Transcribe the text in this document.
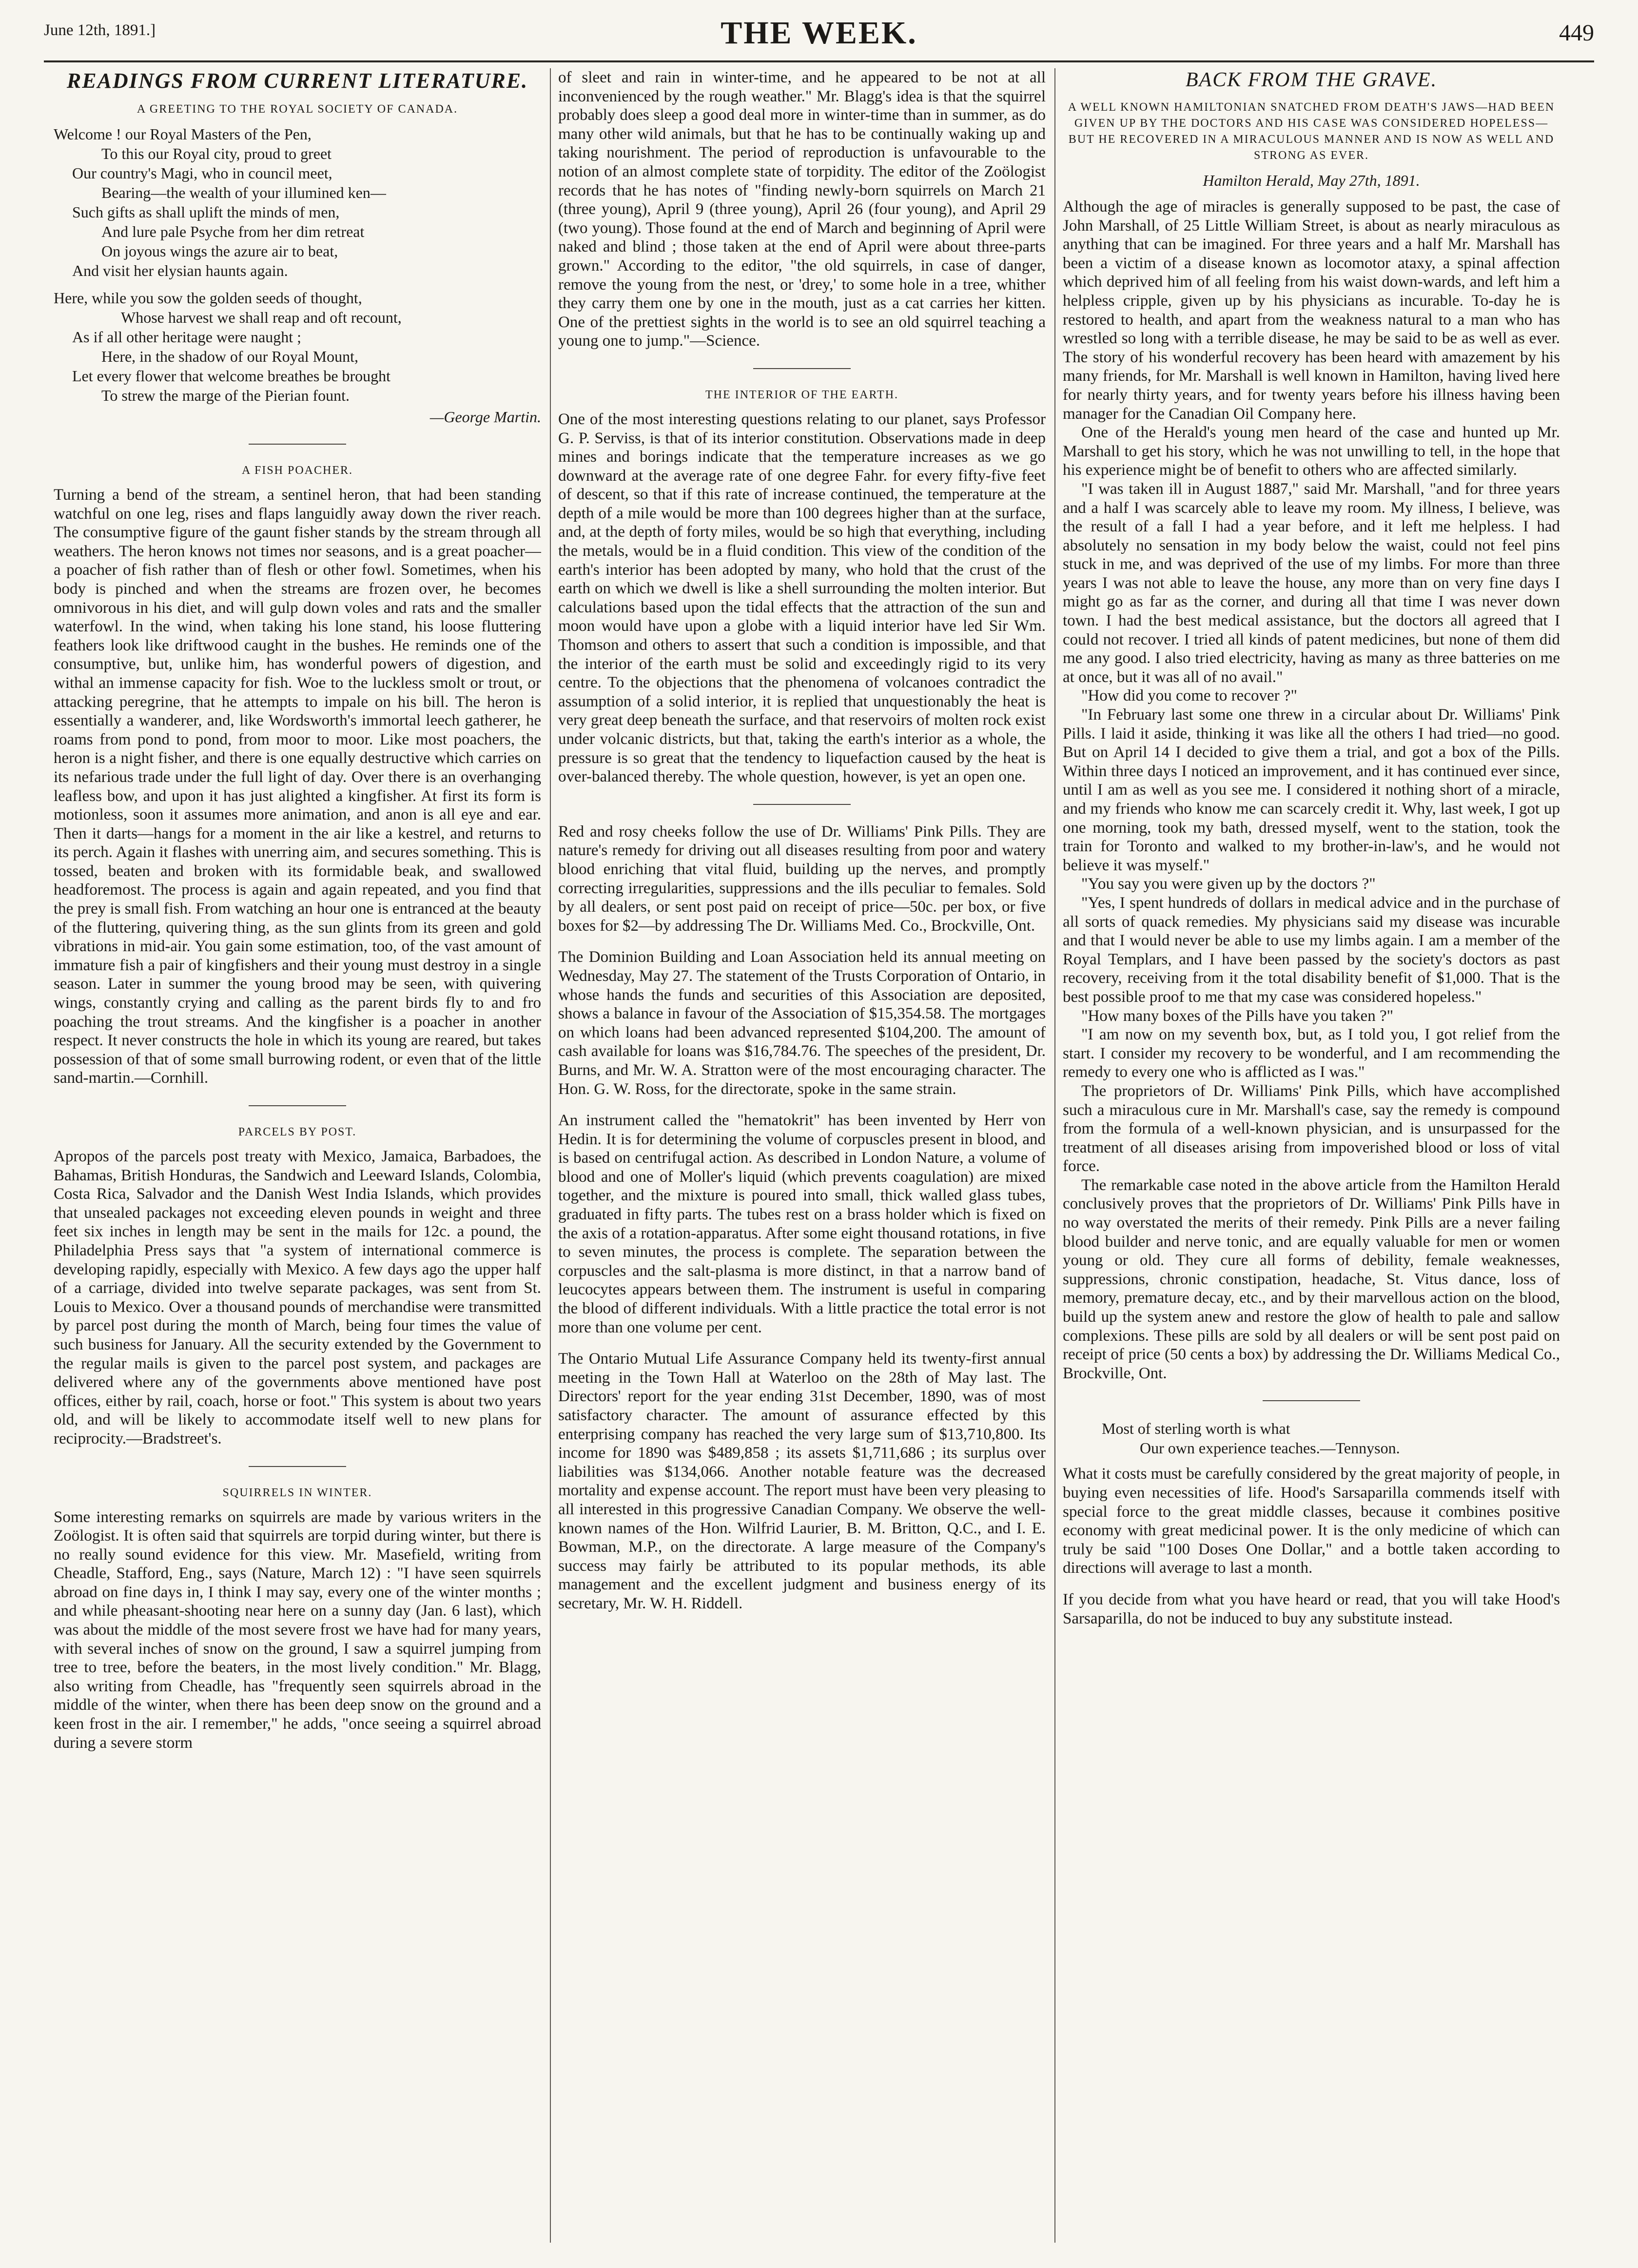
June 12th, 1891.]	THE WEEK.	449
READINGS FROM CURRENT LITERATURE.
A GREETING TO THE ROYAL SOCIETY OF CANADA.

Welcome ! our Royal Masters of the Pen,

To this our Royal city, proud to greet

Our country's Magi, who in council meet,

Bearing—the wealth of your illumined ken—

Such gifts as shall uplift the minds of men,

And lure pale Psyche from her dim retreat

On joyous wings the azure air to beat,

And visit her elysian haunts again.

Here, while you sow the golden seeds of thought,

Whose harvest we shall reap and oft recount,

As if all other heritage were naught ;

Here, in the shadow of our Royal Mount,

Let every flower that welcome breathes be brought

To strew the marge of the Pierian fount.

—George Martin.
A FISH POACHER.

Turning a bend of the stream, a sentinel heron, that had been standing watchful on one leg, rises and flaps languidly away down the river reach. The consumptive figure of the gaunt fisher stands by the stream through all weathers. The heron knows not times nor seasons, and is a great poacher—a poacher of fish rather than of flesh or other fowl. Sometimes, when his body is pinched and when the streams are frozen over, he becomes omnivorous in his diet, and will gulp down voles and rats and the smaller waterfowl. In the wind, when taking his lone stand, his loose fluttering feathers look like driftwood caught in the bushes. He reminds one of the consumptive, but, unlike him, has wonderful powers of digestion, and withal an immense capacity for fish. Woe to the luckless smolt or trout, or attacking peregrine, that he attempts to impale on his bill. The heron is essentially a wanderer, and, like Wordsworth's immortal leech gatherer, he roams from pond to pond, from moor to moor. Like most poachers, the heron is a night fisher, and there is one equally destructive which carries on its nefarious trade under the full light of day. Over there is an overhanging leafless bow, and upon it has just alighted a kingfisher. At first its form is motionless, soon it assumes more animation, and anon is all eye and ear. Then it darts—hangs for a moment in the air like a kestrel, and returns to its perch. Again it flashes with unerring aim, and secures something. This is tossed, beaten and broken with its formidable beak, and swallowed headforemost. The process is again and again repeated, and you find that the prey is small fish. From watching an hour one is entranced at the beauty of the fluttering, quivering thing, as the sun glints from its green and gold vibrations in mid-air. You gain some estimation, too, of the vast amount of immature fish a pair of kingfishers and their young must destroy in a single season. Later in summer the young brood may be seen, with quivering wings, constantly crying and calling as the parent birds fly to and fro poaching the trout streams. And the kingfisher is a poacher in another respect. It never constructs the hole in which its young are reared, but takes possession of that of some small burrowing rodent, or even that of the little sand-martin.—Cornhill.

PARCELS BY POST.

Apropos of the parcels post treaty with Mexico, Jamaica, Barbadoes, the Bahamas, British Honduras, the Sandwich and Leeward Islands, Colombia, Costa Rica, Salvador and the Danish West India Islands, which provides that unsealed packages not exceeding eleven pounds in weight and three feet six inches in length may be sent in the mails for 12c. a pound, the Philadelphia Press says that "a system of international commerce is developing rapidly, especially with Mexico. A few days ago the upper half of a carriage, divided into twelve separate packages, was sent from St. Louis to Mexico. Over a thousand pounds of merchandise were transmitted by parcel post during the month of March, being four times the value of such business for January. All the security extended by the Government to the regular mails is given to the parcel post system, and packages are delivered where any of the governments above mentioned have post offices, either by rail, coach, horse or foot." This system is about two years old, and will be likely to accommodate itself well to new plans for reciprocity.—Bradstreet's.

SQUIRRELS IN WINTER.

Some interesting remarks on squirrels are made by various writers in the Zoölogist. It is often said that squirrels are torpid during winter, but there is no really sound evidence for this view. Mr. Masefield, writing from Cheadle, Stafford, Eng., says (Nature, March 12) : "I have seen squirrels abroad on fine days in, I think I may say, every one of the winter months ; and while pheasant-shooting near here on a sunny day (Jan. 6 last), which was about the middle of the most severe frost we have had for many years, with several inches of snow on the ground, I saw a squirrel jumping from tree to tree, before the beaters, in the most lively condition." Mr. Blagg, also writing from Cheadle, has "frequently seen squirrels abroad in the middle of the winter, when there has been deep snow on the ground and a keen frost in the air. I remember," he adds, "once seeing a squirrel abroad during a severe storm

of sleet and rain in winter-time, and he appeared to be not at all inconvenienced by the rough weather." Mr. Blagg's idea is that the squirrel probably does sleep a good deal more in winter-time than in summer, as do many other wild animals, but that he has to be continually waking up and taking nourishment. The period of reproduction is unfavourable to the notion of an almost complete state of torpidity. The editor of the Zoölogist records that he has notes of "finding newly-born squirrels on March 21 (three young), April 9 (three young), April 26 (four young), and April 29 (two young). Those found at the end of March and beginning of April were naked and blind ; those taken at the end of April were about three-parts grown." According to the editor, "the old squirrels, in case of danger, remove the young from the nest, or 'drey,' to some hole in a tree, whither they carry them one by one in the mouth, just as a cat carries her kitten. One of the prettiest sights in the world is to see an old squirrel teaching a young one to jump."—Science.

THE INTERIOR OF THE EARTH.

One of the most interesting questions relating to our planet, says Professor G. P. Serviss, is that of its interior constitution. Observations made in deep mines and borings indicate that the temperature increases as we go downward at the average rate of one degree Fahr. for every fifty-five feet of descent, so that if this rate of increase continued, the temperature at the depth of a mile would be more than 100 degrees higher than at the surface, and, at the depth of forty miles, would be so high that everything, including the metals, would be in a fluid condition. This view of the condition of the earth's interior has been adopted by many, who hold that the crust of the earth on which we dwell is like a shell surrounding the molten interior. But calculations based upon the tidal effects that the attraction of the sun and moon would have upon a globe with a liquid interior have led Sir Wm. Thomson and others to assert that such a condition is impossible, and that the interior of the earth must be solid and exceedingly rigid to its very centre. To the objections that the phenomena of volcanoes contradict the assumption of a solid interior, it is replied that unquestionably the heat is very great deep beneath the surface, and that reservoirs of molten rock exist under volcanic districts, but that, taking the earth's interior as a whole, the pressure is so great that the tendency to liquefaction caused by the heat is over-balanced thereby. The whole question, however, is yet an open one.

Red and rosy cheeks follow the use of Dr. Williams' Pink Pills. They are nature's remedy for driving out all diseases resulting from poor and watery blood enriching that vital fluid, building up the nerves, and promptly correcting irregularities, suppressions and the ills peculiar to females. Sold by all dealers, or sent post paid on receipt of price—50c. per box, or five boxes for $2—by addressing The Dr. Williams Med. Co., Brockville, Ont.

The Dominion Building and Loan Association held its annual meeting on Wednesday, May 27. The statement of the Trusts Corporation of Ontario, in whose hands the funds and securities of this Association are deposited, shows a balance in favour of the Association of $15,354.58. The mortgages on which loans had been advanced represented $104,200. The amount of cash available for loans was $16,784.76. The speeches of the president, Dr. Burns, and Mr. W. A. Stratton were of the most encouraging character. The Hon. G. W. Ross, for the directorate, spoke in the same strain.

An instrument called the "hematokrit" has been invented by Herr von Hedin. It is for determining the volume of corpuscles present in blood, and is based on centrifugal action. As described in London Nature, a volume of blood and one of Moller's liquid (which prevents coagulation) are mixed together, and the mixture is poured into small, thick walled glass tubes, graduated in fifty parts. The tubes rest on a brass holder which is fixed on the axis of a rotation-apparatus. After some eight thousand rotations, in five to seven minutes, the process is complete. The separation between the corpuscles and the salt-plasma is more distinct, in that a narrow band of leucocytes appears between them. The instrument is useful in comparing the blood of different individuals. With a little practice the total error is not more than one volume per cent.

The Ontario Mutual Life Assurance Company held its twenty-first annual meeting in the Town Hall at Waterloo on the 28th of May last. The Directors' report for the year ending 31st December, 1890, was of most satisfactory character. The amount of assurance effected by this enterprising company has reached the very large sum of $13,710,800. Its income for 1890 was $489,858 ; its assets $1,711,686 ; its surplus over liabilities was $134,066. Another notable feature was the decreased mortality and expense account. The report must have been very pleasing to all interested in this progressive Canadian Company. We observe the well-known names of the Hon. Wilfrid Laurier, B. M. Britton, Q.C., and I. E. Bowman, M.P., on the directorate. A large measure of the Company's success may fairly be attributed to its popular methods, its able management and the excellent judgment and business energy of its secretary, Mr. W. H. Riddell.

BACK FROM THE GRAVE.
A WELL KNOWN HAMILTONIAN SNATCHED FROM DEATH'S JAWS—HAD BEEN GIVEN UP BY THE DOCTORS AND HIS CASE WAS CONSIDERED HOPELESS—BUT HE RECOVERED IN A MIRACULOUS MANNER AND IS NOW AS WELL AND STRONG AS EVER.
Hamilton Herald, May 27th, 1891.

Although the age of miracles is generally supposed to be past, the case of John Marshall, of 25 Little William Street, is about as nearly miraculous as anything that can be imagined. For three years and a half Mr. Marshall has been a victim of a disease known as locomotor ataxy, a spinal affection which deprived him of all feeling from his waist down-wards, and left him a helpless cripple, given up by his physicians as incurable. To-day he is restored to health, and apart from the weakness natural to a man who has wrestled so long with a terrible disease, he may be said to be as well as ever. The story of his wonderful recovery has been heard with amazement by his many friends, for Mr. Marshall is well known in Hamilton, having lived here for nearly thirty years, and for twenty years before his illness having been manager for the Canadian Oil Company here.

One of the Herald's young men heard of the case and hunted up Mr. Marshall to get his story, which he was not unwilling to tell, in the hope that his experience might be of benefit to others who are affected similarly.

"I was taken ill in August 1887," said Mr. Marshall, "and for three years and a half I was scarcely able to leave my room. My illness, I believe, was the result of a fall I had a year before, and it left me helpless. I had absolutely no sensation in my body below the waist, could not feel pins stuck in me, and was deprived of the use of my limbs. For more than three years I was not able to leave the house, any more than on very fine days I might go as far as the corner, and during all that time I was never down town. I had the best medical assistance, but the doctors all agreed that I could not recover. I tried all kinds of patent medicines, but none of them did me any good. I also tried electricity, having as many as three batteries on me at once, but it was all of no avail."

"How did you come to recover ?"

"In February last some one threw in a circular about Dr. Williams' Pink Pills. I laid it aside, thinking it was like all the others I had tried—no good. But on April 14 I decided to give them a trial, and got a box of the Pills. Within three days I noticed an improvement, and it has continued ever since, until I am as well as you see me. I considered it nothing short of a miracle, and my friends who know me can scarcely credit it. Why, last week, I got up one morning, took my bath, dressed myself, went to the station, took the train for Toronto and walked to my brother-in-law's, and he would not believe it was myself."

"You say you were given up by the doctors ?"

"Yes, I spent hundreds of dollars in medical advice and in the purchase of all sorts of quack remedies. My physicians said my disease was incurable and that I would never be able to use my limbs again. I am a member of the Royal Templars, and I have been passed by the society's doctors as past recovery, receiving from it the total disability benefit of $1,000. That is the best possible proof to me that my case was considered hopeless."

"How many boxes of the Pills have you taken ?"

"I am now on my seventh box, but, as I told you, I got relief from the start. I consider my recovery to be wonderful, and I am recommending the remedy to every one who is afflicted as I was."

The proprietors of Dr. Williams' Pink Pills, which have accomplished such a miraculous cure in Mr. Marshall's case, say the remedy is compound from the formula of a well-known physician, and is unsurpassed for the treatment of all diseases arising from impoverished blood or loss of vital force.

The remarkable case noted in the above article from the Hamilton Herald conclusively proves that the proprietors of Dr. Williams' Pink Pills have in no way overstated the merits of their remedy. Pink Pills are a never failing blood builder and nerve tonic, and are equally valuable for men or women young or old. They cure all forms of debility, female weaknesses, suppressions, chronic constipation, headache, St. Vitus dance, loss of memory, premature decay, etc., and by their marvellous action on the blood, build up the system anew and restore the glow of health to pale and sallow complexions. These pills are sold by all dealers or will be sent post paid on receipt of price (50 cents a box) by addressing the Dr. Williams Medical Co., Brockville, Ont.

Most of sterling worth is what

Our own experience teaches.—Tennyson.

What it costs must be carefully considered by the great majority of people, in buying even necessities of life. Hood's Sarsaparilla commends itself with special force to the great middle classes, because it combines positive economy with great medicinal power. It is the only medicine of which can truly be said "100 Doses One Dollar," and a bottle taken according to directions will average to last a month.

If you decide from what you have heard or read, that you will take Hood's Sarsaparilla, do not be induced to buy any substitute instead.
